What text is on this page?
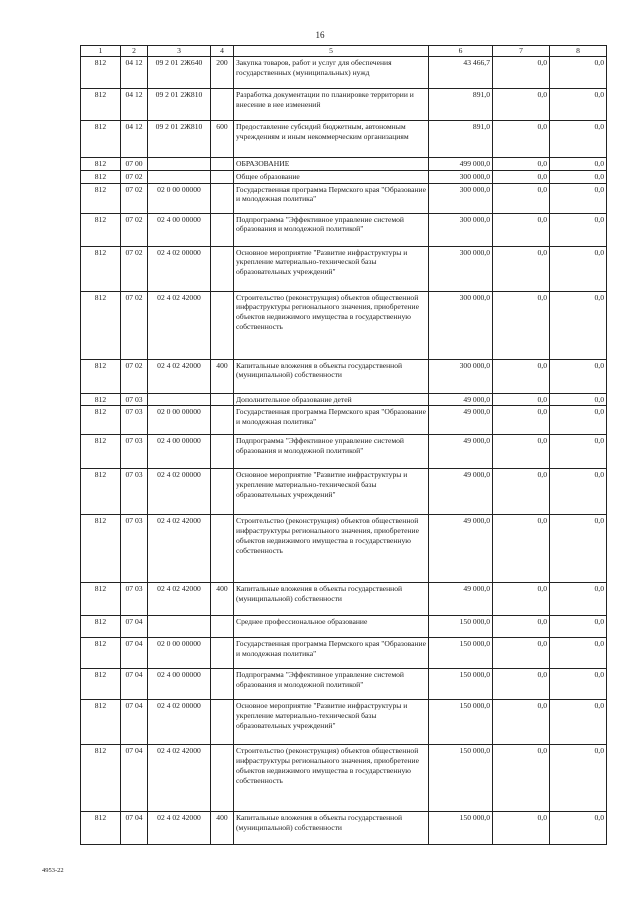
16
1	2	3	4	5	6	7	8
812	04 12	09 2 01 2Ж640	200	Закупка товаров, работ и услуг для обеспечения государственных (муниципальных) нужд	43 466,7	0,0	0,0
812	04 12	09 2 01 2Ж810		Разработка документации по планировке территории и внесение в нее изменений	891,0	0,0	0,0
812	04 12	09 2 01 2Ж810	600	Предоставление субсидий бюджетным, автономным учреждениям и иным некоммерческим организациям	891,0	0,0	0,0
812	07 00			ОБРАЗОВАНИЕ	499 000,0	0,0	0,0
812	07 02			Общее образование	300 000,0	0,0	0,0
812	07 02	02 0 00 00000		Государственная программа Пермского края "Образование и молодежная политика"	300 000,0	0,0	0,0
812	07 02	02 4 00 00000		Подпрограмма "Эффективное управление системой образования и молодежной политикой"	300 000,0	0,0	0,0
812	07 02	02 4 02 00000		Основное мероприятие "Развитие инфраструктуры и укрепление материально-технической базы образовательных учреждений"	300 000,0	0,0	0,0
812	07 02	02 4 02 42000		Строительство (реконструкция) объектов общественной инфраструктуры регионального значения, приобретение объектов недвижимого имущества в государственную собственность	300 000,0	0,0	0,0
812	07 02	02 4 02 42000	400	Капитальные вложения в объекты государственной (муниципальной) собственности	300 000,0	0,0	0,0
812	07 03			Дополнительное образование детей	49 000,0	0,0	0,0
812	07 03	02 0 00 00000		Государственная программа Пермского края "Образование и молодежная политика"	49 000,0	0,0	0,0
812	07 03	02 4 00 00000		Подпрограмма "Эффективное управление системой образования и молодежной политикой"	49 000,0	0,0	0,0
812	07 03	02 4 02 00000		Основное мероприятие "Развитие инфраструктуры и укрепление материально-технической базы образовательных учреждений"	49 000,0	0,0	0,0
812	07 03	02 4 02 42000		Строительство (реконструкция) объектов общественной инфраструктуры регионального значения, приобретение объектов недвижимого имущества в государственную собственность	49 000,0	0,0	0,0
812	07 03	02 4 02 42000	400	Капитальные вложения в объекты государственной (муниципальной) собственности	49 000,0	0,0	0,0
812	07 04			Среднее профессиональное образование	150 000,0	0,0	0,0
812	07 04	02 0 00 00000		Государственная программа Пермского края "Образование и молодежная политика"	150 000,0	0,0	0,0
812	07 04	02 4 00 00000		Подпрограмма "Эффективное управление системой образования и молодежной политикой"	150 000,0	0,0	0,0
812	07 04	02 4 02 00000		Основное мероприятие "Развитие инфраструктуры и укрепление материально-технической базы образовательных учреждений"	150 000,0	0,0	0,0
812	07 04	02 4 02 42000		Строительство (реконструкция) объектов общественной инфраструктуры регионального значения, приобретение объектов недвижимого имущества в государственную собственность	150 000,0	0,0	0,0
812	07 04	02 4 02 42000	400	Капитальные вложения в объекты государственной (муниципальной) собственности	150 000,0	0,0	0,0
4953-22
